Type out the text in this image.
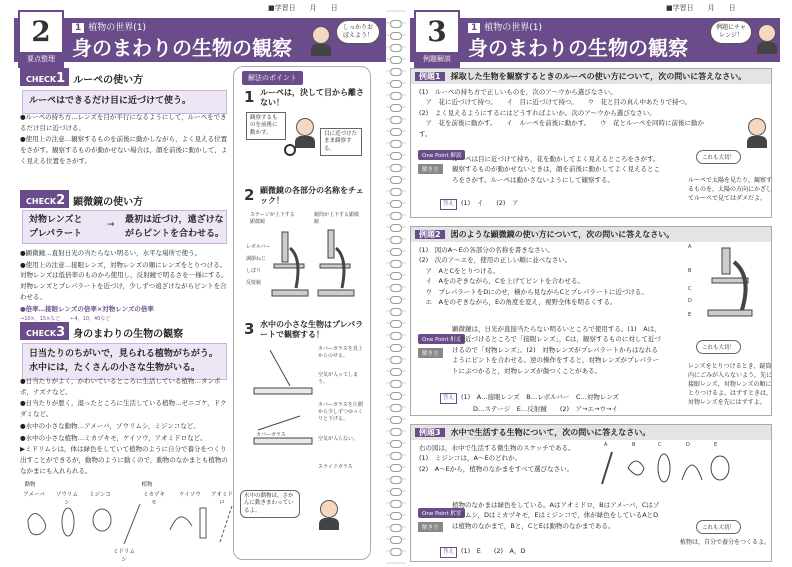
■学習日　　月　　日
2
要点整理
1 植物の世界(1)
身のまわりの生物の観察
しっかりおぼえよう！
CHECK1 ルーペの使い方
ルーペはできるだけ目に近づけて使う。

●ルーペの持ち方…レンズを目が平行になるようにして，ルーペをできるだけ目に近づける。

●使用上の注意…観察するものを前後に動かしながら，よく見える位置をさがす。観察するものが動かせない場合は，顔を前後に動かして，よく見える位置をさがす。

CHECK2 顕微鏡の使い方
対物レンズとプレパラート
→ 最初は近づけ，遠ざけながらピントを合わせる。

●顕微鏡…直射日光の当たらない明るい，水平な場所で使う。

●使用上の注意…接眼レンズ，対物レンズの順にレンズをとりつける。対物レンズは低倍率のものから使用し，反射鏡で明るさを一様にする。対物レンズとプレパラートを近づけ，少しずつ遠ざけながらピントを合わせる。

●倍率…接眼レンズの倍率×対物レンズの倍率

→10×，15×など　　←4，10，40など

CHECK3 身のまわりの生物の観察
日当たりのちがいで，見られる植物がちがう。水中には，たくさんの小さな生物がいる。

●日当たりがよく，かわいているところに生活している植物…タンポポ，ナズナなど。

●日当たりが悪く，湿ったところに生活している植物…ゼニゴケ，ドクダミなど。

●水中の小さな動物…アメーバ，ゾウリムシ，ミジンコなど。

●水中の小さな植物…ミカヅキモ，ケイソウ，アオミドロなど。

▶ミドリムシは，体は緑色をしていて植物のように自分で養分をつくり出すことができるが，動物のように動くので，動物のなかまとも植物のなかまにも入れられる。

動物
アメーバ ゾウリムシ
ミジンコ
植物
ミカヅキモ
ケイソウ アオミドロ
ミドリムシ
解法のポイント
1 ルーペは，決して目から離さない！
観察するものを前後に動かす。	目に近づけたまま観察する。
2 顕微鏡の各部分の名称をチェック！
ステージが上下する顕微鏡
鏡筒が上下する顕微鏡
レボルバー
調節ねじ
しぼり
反射鏡
3 水中の小さな生物はプレパラートで観察する！
カバーガラスを真上からのせる。
空気が入ってしまう。
カバーガラスを片側から少しずつゆっくりと下げる。
空気が入らない。
カバーガラス
スライドガラス
水中の動物は，さかんに動きまわっているよ。
■学習日　　月　　日
3
例題解説
1 植物の世界(1)
身のまわりの生物の観察
例題にチャレンジ！
例題1 採取した生物を観察するときのルーペの使い方について，次の問いに答えなさい。

(1)　ルーペの持ち方で正しいものを，次のア〜ウから選びなさい。

　ア　花に近づけて持つ。　　イ　目に近づけて持つ。　　ウ　花と目の真ん中あたりで持つ。

(2)　よく見えるようにするにはどうすればよいか。次のア〜ウから選びなさい。

　ア　花を前後に動かす。　　イ　ルーペを前後に動かす。　　ウ　花とルーペを同時に前後に動かす。

One Point 解説
解き方
ルーペは目に近づけて持ち，花を動かしてよく見えるところをさがす。観察するものが動かせないときは，顔を前後に動かしてよく見えるところをさがす。ルーペは動かさないようにして観察する。
答え (1)　イ　　(2)　ア
これも大切！
ルーペで太陽を見たり，観察するものを，太陽の方向にかざしてルーペで見てはダメだよ。
例題2 図のような顕微鏡の使い方について，次の問いに答えなさい。

(1)　図のA〜Eの各部分の名称を書きなさい。

(2)　次のア〜エを，使用の正しい順に並べなさい。

　ア　AとCをとりつける。

　イ　Aをのぞきながら，Cを上げてピントを合わせる。

　ウ　プレパラートをDにのせ，横から見ながらCとプレパラートに近づける。

　エ　Aをのぞきながら，Eの角度を変え，視野全体を明るくする。

A
B
C
D
E
One Point 解説
解き方
顕微鏡は，日光が直接当たらない明るいところで使用する。(1)　Aは，目を近づけるところで「接眼レンズ」，Cは，観察するものに対して近づけるので「対物レンズ」。(2)　対物レンズがプレパラートからはなれるようにピントを合わせる。逆の操作をすると，対物レンズがプレパラートにぶつかると，対物レンズが傷つくことがある。
答え (1)　A…接眼レンズ　B…レボルバー　C…対物レンズ
　　D…ステージ　E…反射鏡　　(2)　ア→エ→ウ→イ
これも大切！
レンズをとりつけるとき，鏡筒内にごみが入らないよう，先に接眼レンズ，対物レンズの順にとりつけるよ。はずすときは，対物レンズを先にはずすよ。
例題3 水中で生活する生物について，次の問いに答えなさい。

右の図は，水中で生活する微生物のスケッチである。

(1)　ミジンコは，A〜Eのどれか。

(2)　A〜Eから，植物のなかまをすべて選びなさい。

A	B	C	D	E
One Point 解説
解き方
植物のなかまは緑色をしている。Aはアオミドロ，Bはアメーバ，Cはゾウリムシ，Dはミカヅキモ，Eはミジンコで，体が緑色をしているAとDは植物のなかまで，Bと，CとEは動物のなかまである。
答え (1)　E　　(2)　A，D
これも大切！
植物は，自分で養分をつくるよ。
